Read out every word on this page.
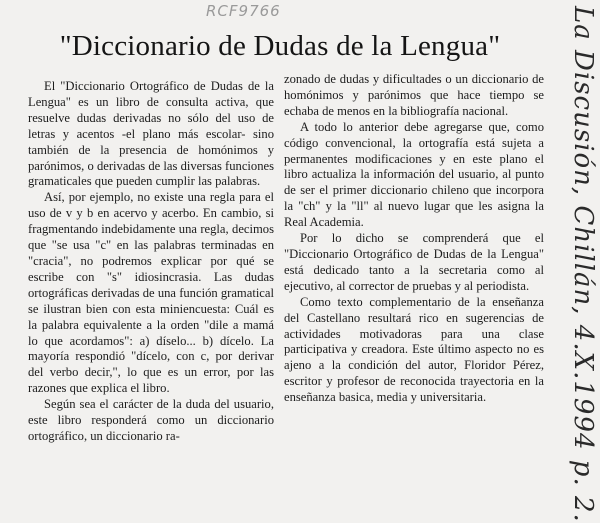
RCF9766
"Diccionario de Dudas de la Lengua"

El "Diccionario Ortográfico de Dudas de la Lengua" es un libro de consulta activa, que resuelve dudas derivadas no sólo del uso de letras y acentos -el plano más escolar- sino también de la presencia de homónimos y parónimos, o derivadas de las diversas funciones gramaticales que pueden cumplir las palabras.

Así, por ejemplo, no existe una regla para el uso de v y b en acervo y acerbo. En cambio, si fragmentando indebidamente una regla, decimos que "se usa "c" en las palabras terminadas en "cracia", no podremos explicar por qué se escribe con "s" idiosincrasia. Las dudas ortográficas derivadas de una función gramatical se ilustran bien con esta miniencuesta: Cuál es la palabra equivalente a la orden "dile a mamá lo que acordamos": a) díselo... b) dícelo. La mayoría respondió "dícelo, con c, por derivar del verbo decir,", lo que es un error, por las razones que explica el libro.

Según sea el carácter de la duda del usuario, este libro responderá como un diccionario ortográfico, un diccionario ra-

zonado de dudas y dificultades o un diccionario de homónimos y parónimos que hace tiempo se echaba de menos en la bibliografía nacional.

A todo lo anterior debe agregarse que, como código convencional, la ortografía está sujeta a permanentes modificaciones y en este plano el libro actualiza la información del usuario, al punto de ser el primer diccionario chileno que incorpora la "ch" y la "ll" al nuevo lugar que les asigna la Real Academia.

Por lo dicho se comprenderá que el "Diccionario Ortográfico de Dudas de la Lengua" está dedicado tanto a la secretaria como al ejecutivo, al corrector de pruebas y al periodista.

Como texto complementario de la enseñanza del Castellano resultará rico en sugerencias de actividades motivadoras para una clase participativa y creadora. Este último aspecto no es ajeno a la condición del autor, Floridor Pérez, escritor y profesor de reconocida trayectoria en la enseñanza basica, media y universitaria.	La Discusión, Chillán, 4.X.1994 p. 2.
